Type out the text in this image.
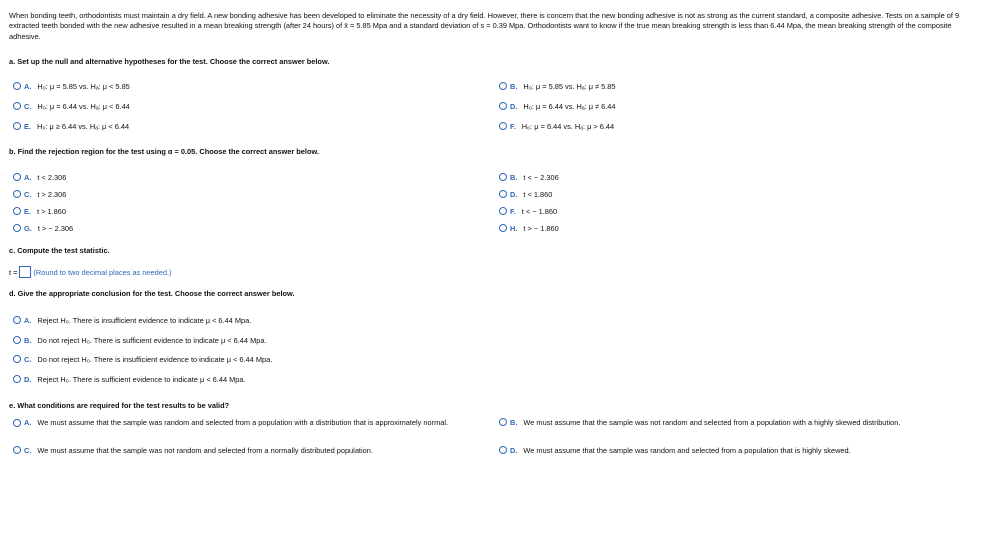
When bonding teeth, orthodontists must maintain a dry field. A new bonding adhesive has been developed to eliminate the necessity of a dry field. However, there is concern that the new bonding adhesive is not as strong as the current standard, a composite adhesive. Tests on a sample of 9 extracted teeth bonded with the new adhesive resulted in a mean breaking strength (after 24 hours) of x̄ = 5.85 Mpa and a standard deviation of s = 0.39 Mpa. Orthodontists want to know if the true mean breaking strength is less than 6.44 Mpa, the mean breaking strength of the composite adhesive.
a. Set up the null and alternative hypotheses for the test. Choose the correct answer below.
A. H₀: μ = 5.85 vs. Hₐ: μ < 5.85	B. H₀: μ = 5.85 vs. Hₐ: μ ≠ 5.85
C. H₀: μ = 6.44 vs. Hₐ: μ < 6.44	D. H₀: μ = 6.44 vs. Hₐ: μ ≠ 6.44
E. H₀: μ ≥ 6.44 vs. Hₐ: μ < 6.44	F. H₀: μ = 6.44 vs. Hₐ: μ > 6.44
b. Find the rejection region for the test using α = 0.05. Choose the correct answer below.
A. t < 2.306	B. t < − 2.306
C. t > 2.306	D. t < 1.860
E. t > 1.860	F. t < − 1.860
G. t > − 2.306	H. t > − 1.860
c. Compute the test statistic.
t = (Round to two decimal places as needed.)
d. Give the appropriate conclusion for the test. Choose the correct answer below.
A. Reject H₀. There is insufficient evidence to indicate μ < 6.44 Mpa.
B. Do not reject H₀. There is sufficient evidence to indicate μ < 6.44 Mpa.
C. Do not reject H₀. There is insufficient evidence to indicate μ < 6.44 Mpa.
D. Reject H₀. There is sufficient evidence to indicate μ < 6.44 Mpa.
e. What conditions are required for the test results to be valid?
A. We must assume that the sample was random and selected from a population with a distribution that is approximately normal.	B. We must assume that the sample was not random and selected from a population with a highly skewed distribution.
C. We must assume that the sample was not random and selected from a normally distributed population.	D. We must assume that the sample was random and selected from a population that is highly skewed.
